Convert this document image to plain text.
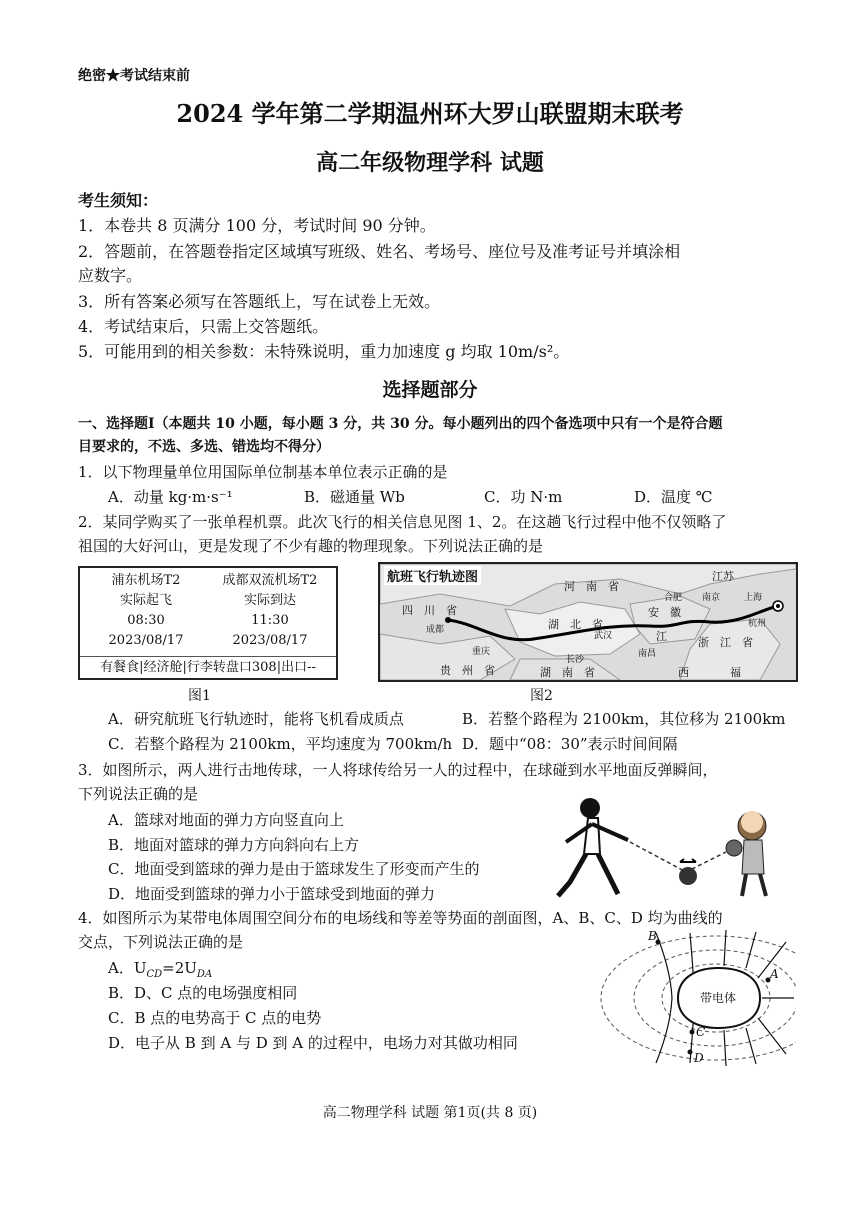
绝密★考试结束前
2024 学年第二学期温州环大罗山联盟期末联考
高二年级物理学科 试题
考生须知：
1．本卷共 8 页满分 100 分，考试时间 90 分钟。
2．答题前，在答题卷指定区域填写班级、姓名、考场号、座位号及准考证号并填涂相
应数字。
3．所有答案必须写在答题纸上，写在试卷上无效。
4．考试结束后，只需上交答题纸。
5．可能用到的相关参数：未特殊说明，重力加速度 g 均取 10m/s²。
选择题部分
一、选择题Ⅰ（本题共 10 小题，每小题 3 分，共 30 分。每小题列出的四个备选项中只有一个是符合题
目要求的，不选、多选、错选均不得分）
1．以下物理量单位用国际单位制基本单位表示正确的是
A．动量 kg·m·s⁻¹	B．磁通量 Wb	C．功 N·m	D．温度 ℃
2．某同学购买了一张单程机票。此次飞行的相关信息见图 1、2。在这趟飞行过程中他不仅领略了
祖国的大好河山，更是发现了不少有趣的物理现象。下列说法正确的是
浦东机场T2	成都双流机场T2
实际起飞	实际到达
08:30	11:30
2023/08/17	2023/08/17
有餐食|经济舱|行李转盘口308|出口--
航班飞行轨迹图
四　川　省
成都	湖　北　省
河　南　省
安　徽
江苏
上海
杭州
浙　江　省
武汉
合肥 南京
重庆
长沙
南昌
贵　州　省	湖　南　省
江
西	福
图1	图2
A．研究航班飞行轨迹时，能将飞机看成质点	B．若整个路程为 2100km，其位移为 2100km
C．若整个路程为 2100km，平均速度为 700km/h D．题中“08：30”表示时间间隔
3．如图所示，两人进行击地传球，一人将球传给另一人的过程中，在球碰到水平地面反弹瞬间，
下列说法正确的是
A．篮球对地面的弹力方向竖直向上
B．地面对篮球的弹力方向斜向右上方
C．地面受到篮球的弹力是由于篮球发生了形变而产生的
D．地面受到篮球的弹力小于篮球受到地面的弹力
4．如图所示为某带电体周围空间分布的电场线和等差等势面的剖面图，A、B、C、D 均为曲线的
交点，下列说法正确的是
A．$U_{CD}=2U_{DA}$
B．D、C 点的电场强度相同
C．B 点的电势高于 C 点的电势
D．电子从 B 到 A 与 D 到 A 的过程中，电场力对其做功相同
带电体
B
A
C
D
高二物理学科 试题 第1页(共 8 页)
